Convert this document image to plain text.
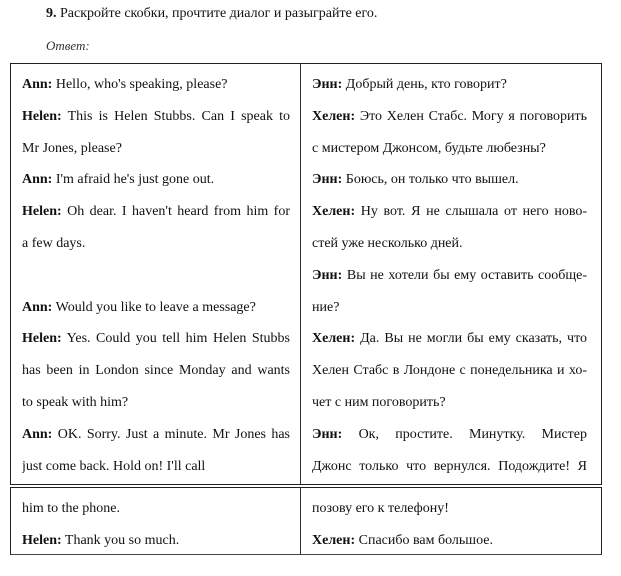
9. Раскройте скобки, прочтите диалог и разыграйте его.
Ответ:
Ann: Hello, who's speaking, please?
Helen: This is Helen Stubbs. Can I speak to
Mr Jones, please?
Ann: I'm afraid he's just gone out.
Helen: Oh dear. I haven't heard from him for
a few days.
Ann: Would you like to leave a message?
Helen: Yes. Could you tell him Helen Stubbs
has been in London since Monday and wants
to speak with him?
Ann: OK. Sorry. Just a minute. Mr Jones has
just come back. Hold on! I'll call
Энн: Добрый день, кто говорит?
Хелен: Это Хелен Стабс. Могу я поговорить
с мистером Джонсом, будьте любезны?
Энн: Боюсь, он только что вышел.
Хелен: Ну вот. Я не слышала от него ново-
стей уже несколько дней.
Энн: Вы не хотели бы ему оставить сообще-
ние?
Хелен: Да. Вы не могли бы ему сказать, что
Хелен Стабс в Лондоне с понедельника и хо-
чет с ним поговорить?
Энн: Ок, простите. Минутку. Мистер
Джонс только что вернулся. Подождите! Я
him to the phone.
Helen: Thank you so much.
позову его к телефону!
Хелен: Спасибо вам большое.
